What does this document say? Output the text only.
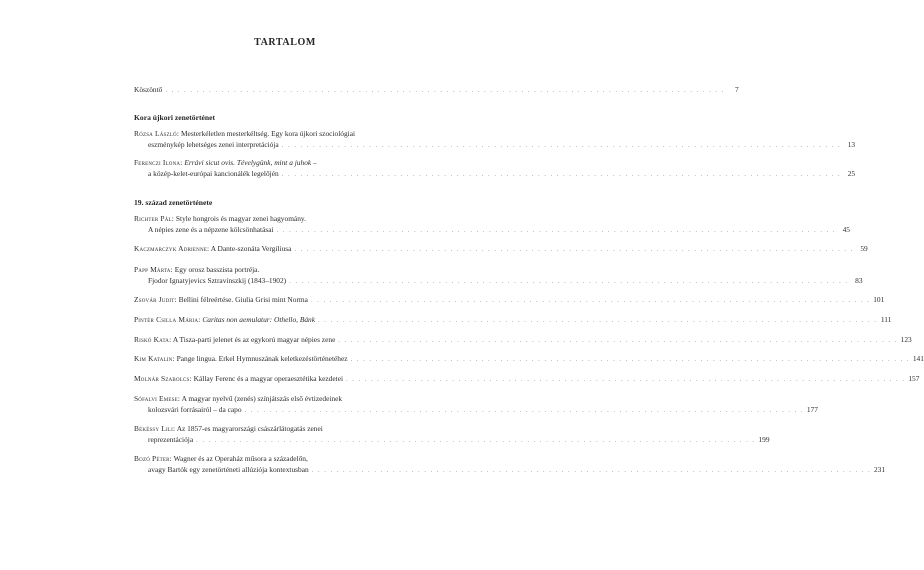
TARTALOM
Köszöntő . . .	7
Kora újkori zenetörténet
Rózsa László: Mesterkéletlen mesterkéltség. Egy kora újkori szociológiai
eszménykép lehetséges zenei interpretációja . . .	13
Ferenczi Ilona: Errávi sicut ovis. Tévelygünk, mint a juhok –
a közép-kelet-európai kancionálék legelőjén . . .	25
19. század zenetörténete
Richter Pál: Style hongrois és magyar zenei hagyomány.
A népies zene és a népzene kölcsönhatásai . . .	45
Kaczmarczyk Adrienne: A Dante-szonáta Vergiliusa . . .	59
Papp Márta: Egy orosz basszista portréja.
Fjodor Ignatyjevics Sztravinszkij (1843–1902) . . .	83
Zsovár Judit: Bellini félreértése. Giulia Grisi mint Norma . . .	101
Pintér Csilla Mária: Caritas non aemulatur: Othello, Bánk . . .	111
Riskó Kata: A Tisza-parti jelenet és az egykorú magyar népies zene . . .	123
Kim Katalin: Pange lingua. Erkel Hymnuszának keletkezéstörténetéhez . . .	141
Molnár Szabolcs: Kállay Ferenc és a magyar operaesztétika kezdetei . . .	157
Sófalvi Emese: A magyar nyelvű (zenés) színjátszás első évtizedeinek
kolozsvári forrásairól – da capo . . .	177
Békéssy Lili: Az 1857-es magyarországi császárlátogatás zenei
reprezentációja . . .	199
Bozó Péter: Wagner és az Operaház műsora a századelőn,
avagy Bartók egy zenetörténeti allúziója kontextusban . . .	231
